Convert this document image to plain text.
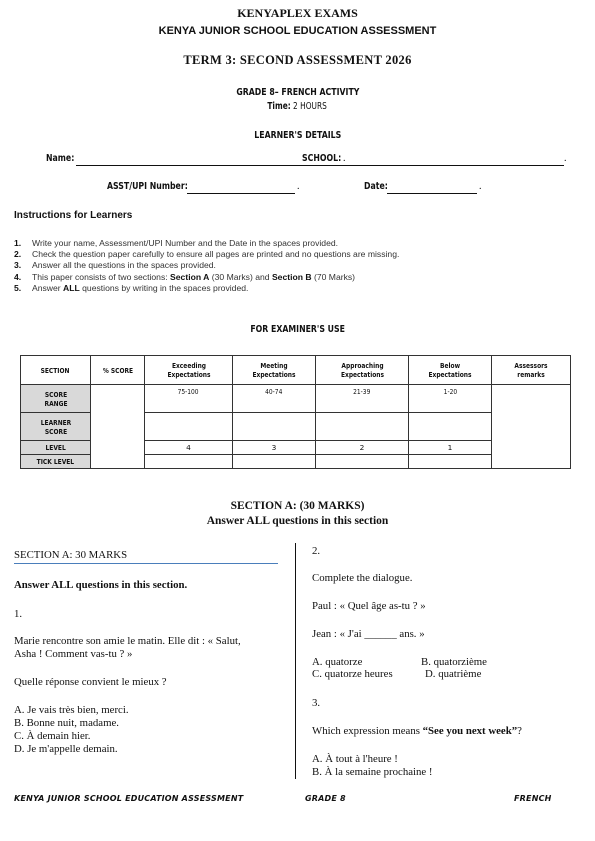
KENYAPLEX EXAMS
KENYA JUNIOR SCHOOL EDUCATION ASSESSMENT
TERM 3: SECOND ASSESSMENT 2026
GRADE 8– FRENCH ACTIVITY
Time: 2 HOURS
LEARNER'S DETAILS
Name:	.
SCHOOL:	.
ASST/UPI Number:	.	Date:	.
Instructions for Learners
1. Write your name, Assessment/UPI Number and the Date in the spaces provided.
2. Check the question paper carefully to ensure all pages are printed and no questions are missing.
3. Answer all the questions in the spaces provided.
4. This paper consists of two sections: Section A (30 Marks) and Section B (70 Marks)
5. Answer ALL questions by writing in the spaces provided.
FOR EXAMINER'S USE
SECTION	% SCORE	Exceeding Expectations	Meeting Expectations	Approaching Expectations	Below Expectations	Assessors remarks
SCORE RANGE		75-100	40-74	21-39	1-20	
LEARNER SCORE						
LEVEL		4	3	2	1	
TICK LEVEL						
SECTION A: (30 MARKS)
Answer ALL questions in this section
SECTION A: 30 MARKS
Answer ALL questions in this section.
1.
Marie rencontre son amie le matin. Elle dit : « Salut,
Asha ! Comment vas-tu ? »
Quelle réponse convient le mieux ?
A. Je vais très bien, merci.
B. Bonne nuit, madame.
C. À demain hier.
D. Je m'appelle demain.
2.
Complete the dialogue.
Paul : « Quel âge as-tu ? »
Jean : « J'ai ______ ans. »
A. quatorze	B. quatorzième
C. quatorze heures	D. quatrième
3.
Which expression means “See you next week”?
A. À tout à l'heure !
B. À la semaine prochaine !
KENYA JUNIOR SCHOOL EDUCATION ASSESSMENT	GRADE 8	FRENCH
